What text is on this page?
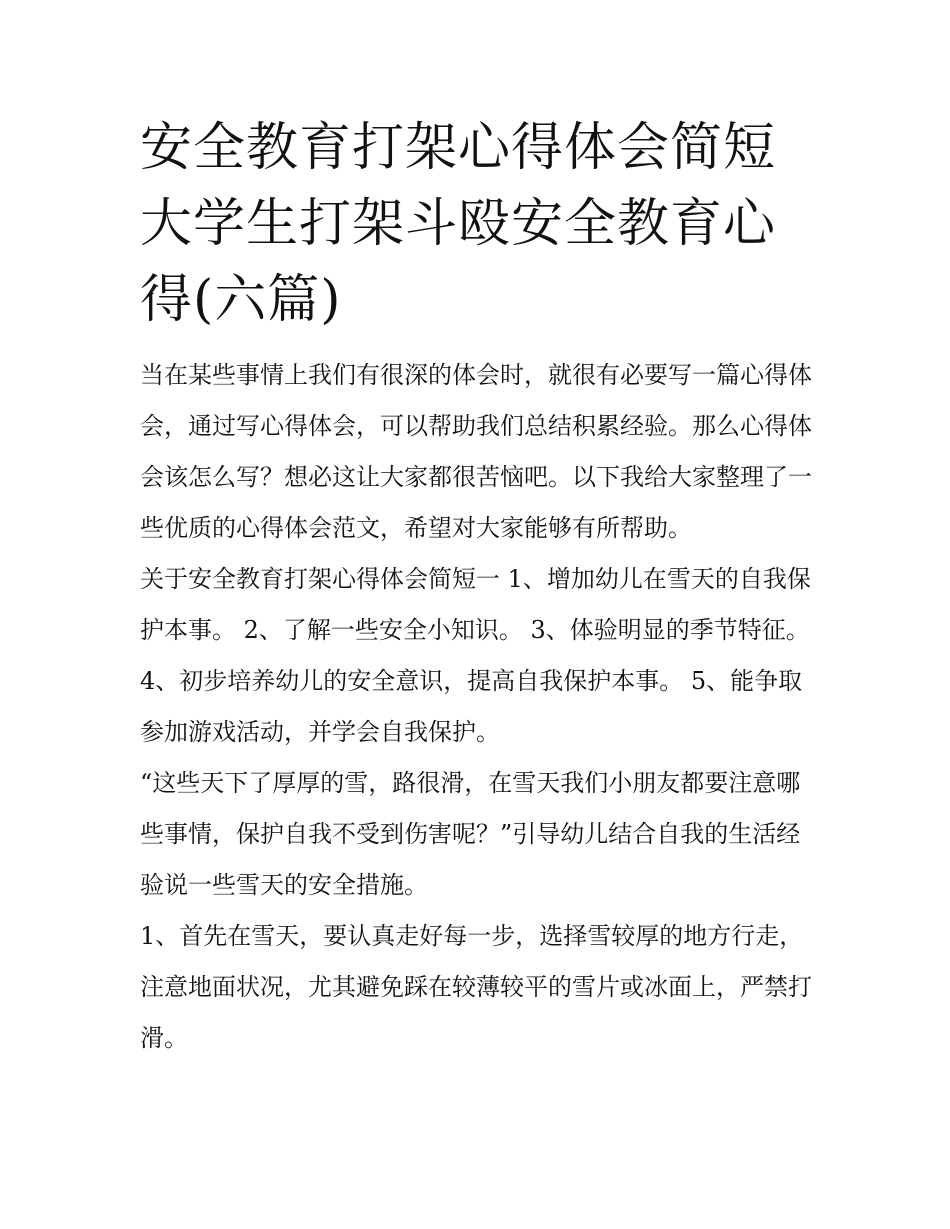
安全教育打架心得体会简短 大学生打架斗殴安全教育心得(六篇)

当在某些事情上我们有很深的体会时，就很有必要写一篇心得体会，通过写心得体会，可以帮助我们总结积累经验。那么心得体会该怎么写？想必这让大家都很苦恼吧。以下我给大家整理了一些优质的心得体会范文，希望对大家能够有所帮助。

关于安全教育打架心得体会简短一 1、增加幼儿在雪天的自我保护本事。 2、了解一些安全小知识。 3、体验明显的季节特征。

4、初步培养幼儿的安全意识，提高自我保护本事。 5、能争取参加游戏活动，并学会自我保护。

“这些天下了厚厚的雪，路很滑，在雪天我们小朋友都要注意哪些事情，保护自我不受到伤害呢？”引导幼儿结合自我的生活经验说一些雪天的安全措施。

1、首先在雪天，要认真走好每一步，选择雪较厚的地方行走，注意地面状况，尤其避免踩在较薄较平的雪片或冰面上，严禁打滑。
